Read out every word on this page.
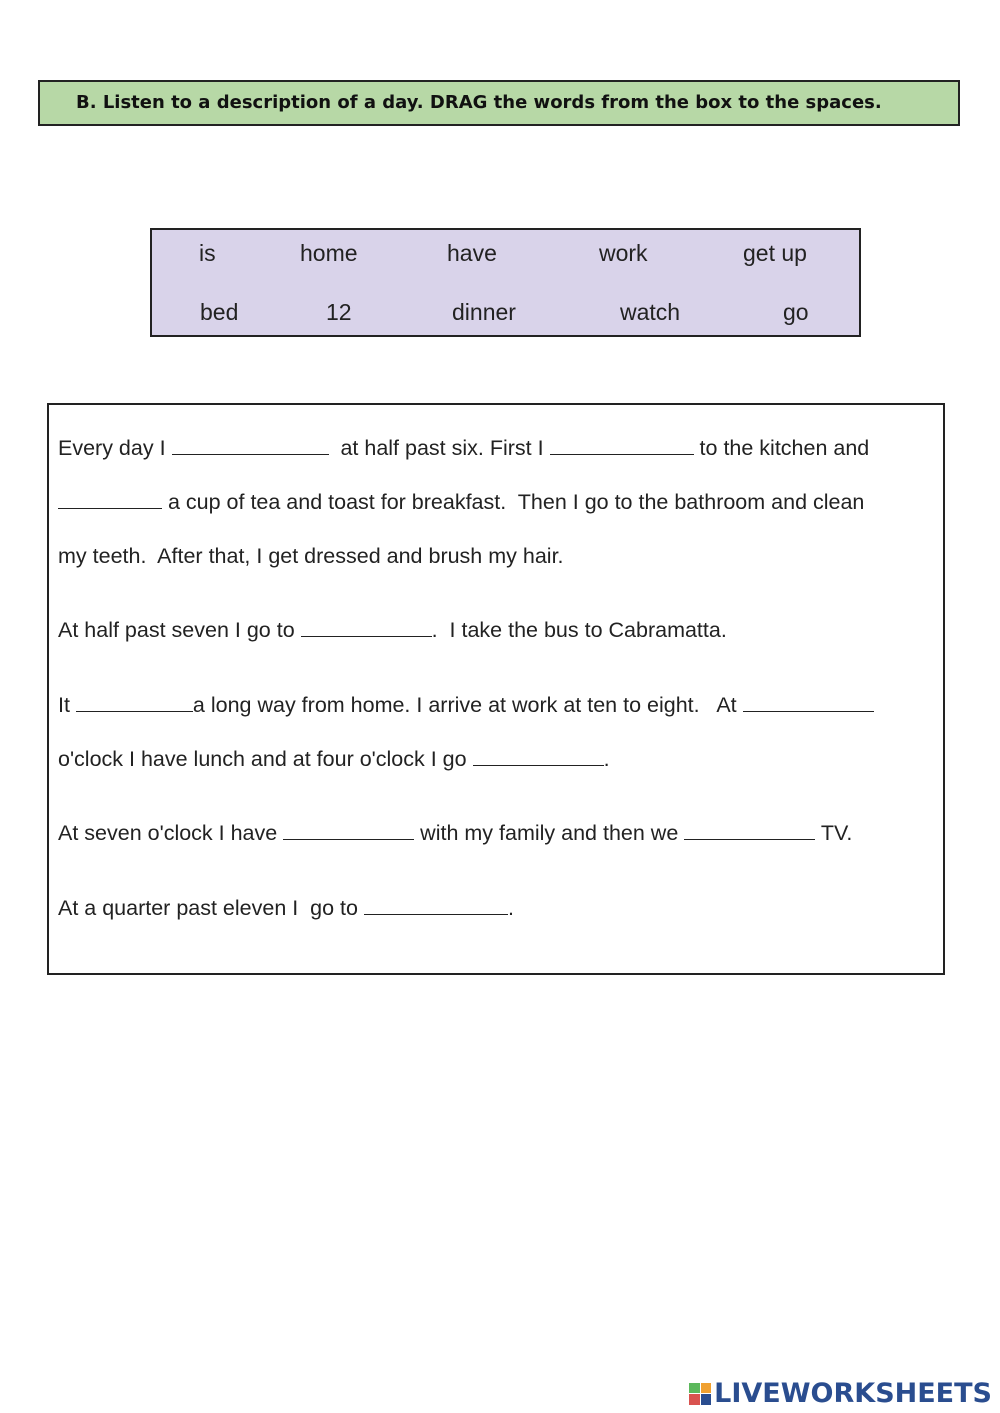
B. Listen to a description of a day. DRAG the words from the box to the spaces.
is	home	have	work	get up
bed	12	dinner	watch	go
Every day I	at half past six. First I	to the kitchen and
a cup of tea and toast for breakfast.  Then I go to the bathroom and clean
my teeth.  After that, I get dressed and brush my hair.
At half past seven I go to	.  I take the bus to Cabramatta.
It	a long way from home. I arrive at work at ten to eight.   At
o'clock I have lunch and at four o'clock I go	.
At seven o'clock I have	with my family and then we	TV.
At a quarter past eleven I  go to	.
LIVEWORKSHEETS
